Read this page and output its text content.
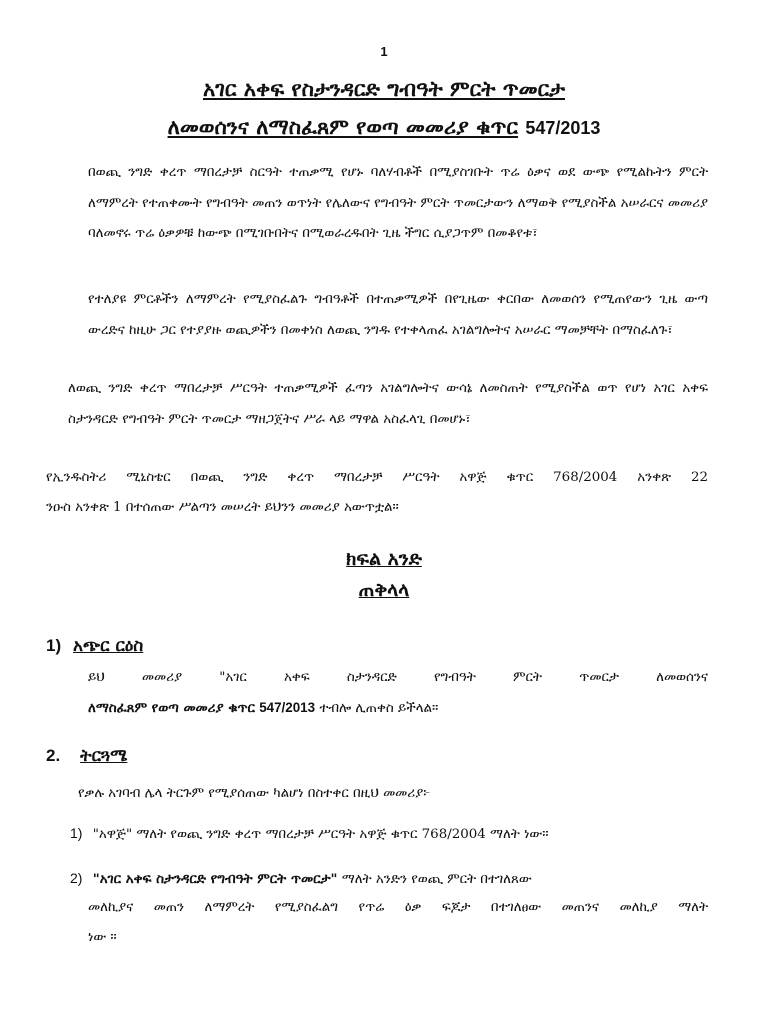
1
አገር አቀፍ የስታንዳርድ ግብዓት ምርት ጥመርታ
ለመወሰንና ለማስፈጸም የወጣ መመሪያ ቁጥር 547/2013
በወጪ ንግድ ቀረጥ ማበረታቻ ስርዓት ተጠቃሚ የሆኑ ባለሃብቶች በሚያስገቡት ጥሬ ዕቃና ወደ ውጭ የሚልኩትን ምርት ለማምረት የተጠቀሙት የግብዓት መጠን ወጥነት የሌለውና የግብዓት ምርት ጥመርታውን ለማወቅ የሚያስችል አሠራርና መመሪያ ባለመኖሩ ጥሬ ዕቃዎቹ ከውጭ በሚገቡበትና በሚወራረዱበት ጊዜ ችግር ሲያጋጥም በመቆየቱ፣
የተለያዩ ምርቶችን ለማምረት የሚያስፈልጉ ግብዓቶች በተጠቃሚዎች በየጊዜው ቀርበው ለመወሰን የሚጠየውን ጊዜ ውጣ ውረድና ከዚሁ ጋር የተያያዙ ወጪዎችን በመቀነስ ለወጪ ንግዱ የተቀላጠፈ አገልግሎትና አሠራር ማመቻቸት በማስፈለጉ፣
ለወጪ ንግድ ቀረጥ ማበረታቻ ሥርዓት ተጠቃሚዎች ፈጣን አገልግሎትና ውሳኔ ለመስጠት የሚያስችል ወጥ የሆነ አገር አቀፍ ስታንዳርድ የግብዓት ምርት ጥመርታ ማዘጋጀትና ሥራ ላይ ማዋል አስፈላጊ በመሆኑ፣
የኢንዱስትሪ ሚኒስቴር በወጪ ንግድ ቀረጥ ማበረታቻ ሥርዓት አዋጅ ቁጥር 768/2004 አንቀጽ 22
ንዑስ አንቀጽ 1 በተሰጠው ሥልጣን መሠረት ይህንን መመሪያ አውጥቷል።
ክፍል አንድ
ጠቅላላ
1) አጭር ርዕስ
ይህ መመሪያ "አገር አቀፍ ስታንዳርድ የግብዓት ምርት ጥመርታ ለመወሰንና
ለማስፈጸም የወጣ መመሪያ ቁጥር 547/2013 ተብሎ ሊጠቀስ ይችላል።
2. ትርጓሜ
የቃሉ አገባብ ሌላ ትርጉም የሚያሰጠው ካልሆነ በስተቀር በዚህ መመሪያ፦
1) "አዋጅ" ማለት የወጪ ንግድ ቀረጥ ማበረታቻ ሥርዓት አዋጅ ቁጥር 768/2004 ማለት ነው።
2) "አገር አቀፍ ስታንዳርድ የግብዓት ምርት ጥመርታ" ማለት አንድን የወጪ ምርት በተገለጸው
መለኪያና መጠን ለማምረት የሚያስፈልግ የጥሬ ዕቃ ፍጆታ በተገለፀው መጠንና መለኪያ ማለት
ነው ።
